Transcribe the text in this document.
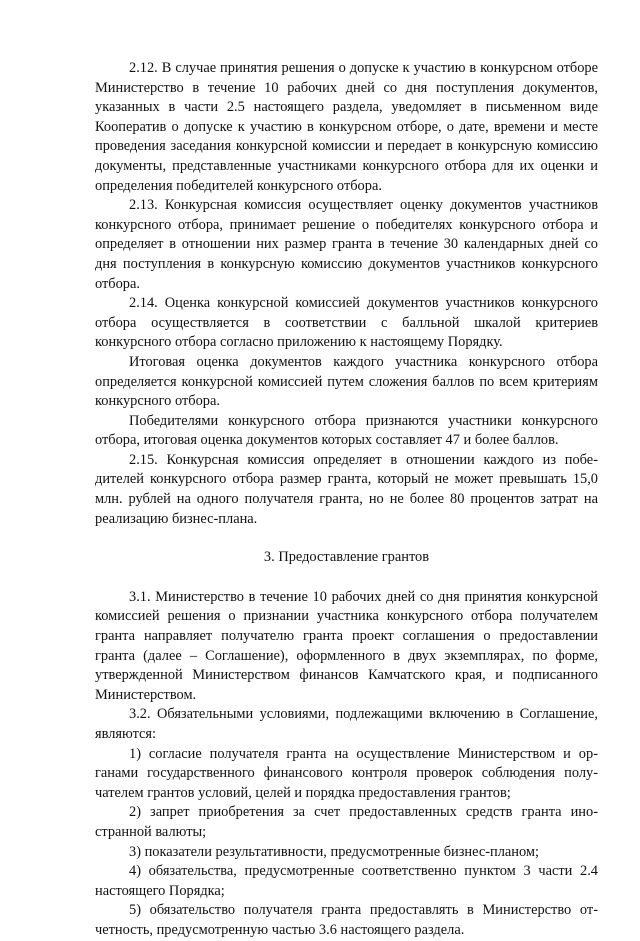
2.12. В случае принятия решения о допуске к участию в конкурсном отборе Министерство в течение 10 рабочих дней со дня поступления документов, указанных в части 2.5 настоящего раздела, уведомляет в письменном виде Кооператив о допуске к участию в конкурсном отборе, о дате, времени и месте проведения заседания конкурсной комиссии и передает в конкурсную комиссию документы, представленные участниками конкурсного отбора для их оценки и определения победителей конкурсного отбора.

2.13. Конкурсная комиссия осуществляет оценку документов участников конкурсного отбора, принимает решение о победителях конкурсного отбора и определяет в отношении них размер гранта в течение 30 календарных дней со дня поступления в конкурсную комиссию документов участников конкурсного отбора.

2.14. Оценка конкурсной комиссией документов участников конкурсного отбора осуществляется в соответствии с балльной шкалой критериев конкурсного отбора согласно приложению к настоящему Порядку.

Итоговая оценка документов каждого участника конкурсного отбора определяется конкурсной комиссией путем сложения баллов по всем критериям конкурсного отбора.

Победителями конкурсного отбора признаются участники конкурсного отбора, итоговая оценка документов которых составляет 47 и более баллов.

2.15. Конкурсная комиссия определяет в отношении каждого из победителей конкурсного отбора размер гранта, который не может превышать 15,0 млн. рублей на одного получателя гранта, но не более 80 процентов затрат на реализацию бизнес-плана.

3. Предоставление грантов

3.1. Министерство в течение 10 рабочих дней со дня принятия конкурсной комиссией решения о признании участника конкурсного отбора получателем гранта направляет получателю гранта проект соглашения о предоставлении гранта (далее – Соглашение), оформленного в двух экземплярах, по форме, утвержденной Министерством финансов Камчатского края, и подписанного Министерством.

3.2. Обязательными условиями, подлежащими включению в Соглашение, являются:

1) согласие получателя гранта на осуществление Министерством и органами государственного финансового контроля проверок соблюдения получателем грантов условий, целей и порядка предоставления грантов;

2) запрет приобретения за счет предоставленных средств гранта иностранной валюты;

3) показатели результативности, предусмотренные бизнес-планом;

4) обязательства, предусмотренные соответственно пунктом 3 части 2.4 настоящего Порядка;

5) обязательство получателя гранта предоставлять в Министерство отчетность, предусмотренную частью 3.6 настоящего раздела.
